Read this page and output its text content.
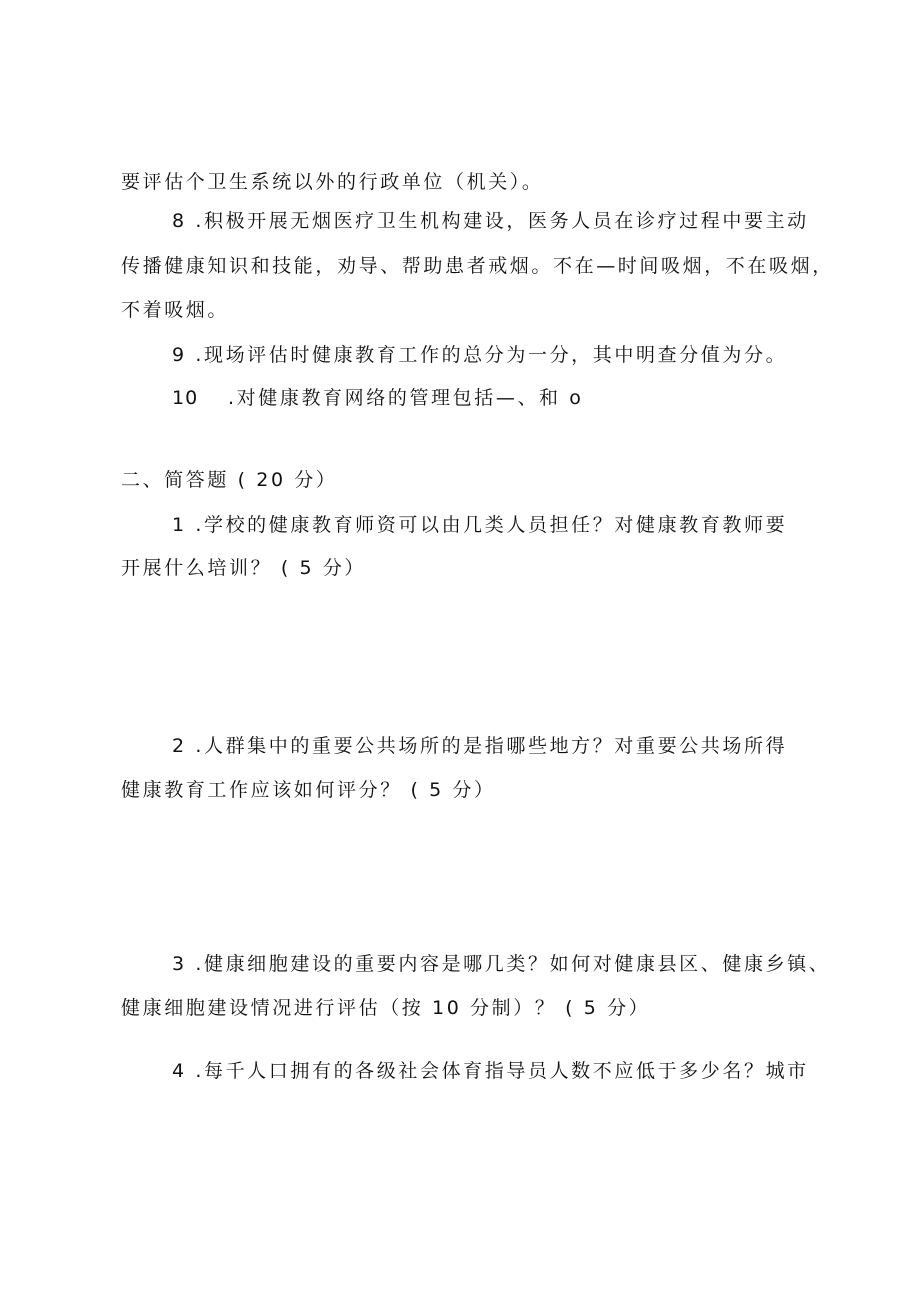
要评估个卫生系统以外的行政单位（机关）。
8 .积极开展无烟医疗卫生机构建设，医务人员在诊疗过程中要主动
传播健康知识和技能，劝导、帮助患者戒烟。不在—时间吸烟，不在吸烟，
不着吸烟。
9 .现场评估时健康教育工作的总分为一分，其中明查分值为分。
10 .对健康教育网络的管理包括—、和 o
二、简答题 ( 20 分）
1 .学校的健康教育师资可以由几类人员担任？对健康教育教师要
开展什么培训？ ( 5 分）
2 .人群集中的重要公共场所的是指哪些地方？对重要公共场所得
健康教育工作应该如何评分？ ( 5 分）
3 .健康细胞建设的重要内容是哪几类？如何对健康县区、健康乡镇、
健康细胞建设情况进行评估（按 10 分制）？ ( 5 分）
4 .每千人口拥有的各级社会体育指导员人数不应低于多少名？城市
